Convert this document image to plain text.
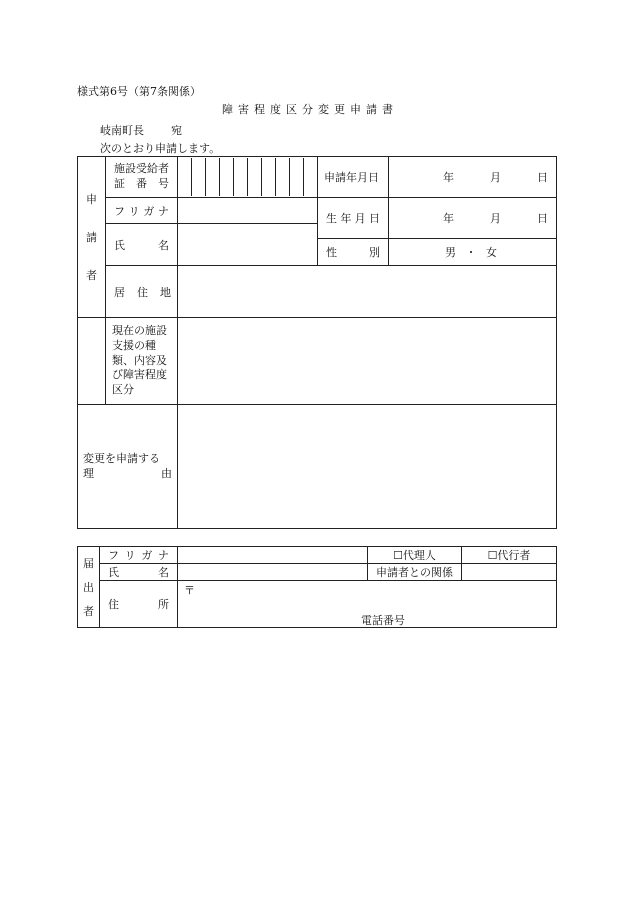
様式第6号（第7条関係）
障害程度区分変更申請書
岐南町長 宛
次のとおり申請します。
申
請
者	施設受給者
証 番 号		申請年月日	年 月 日

	フ リ ガ ナ		生 年 月 日	年 月 日

	氏 名			

			性 別	男 ・ 女

	居 住 地			

	現在の施設
支援の種
類、内容及
び障害程度
区分			

変更を申請する
理 由				

届
出
者	フ リ ガ ナ		☐代理人	☐代行者

	氏 名		申請者との関係	

	住 所	〒
電話番号		
